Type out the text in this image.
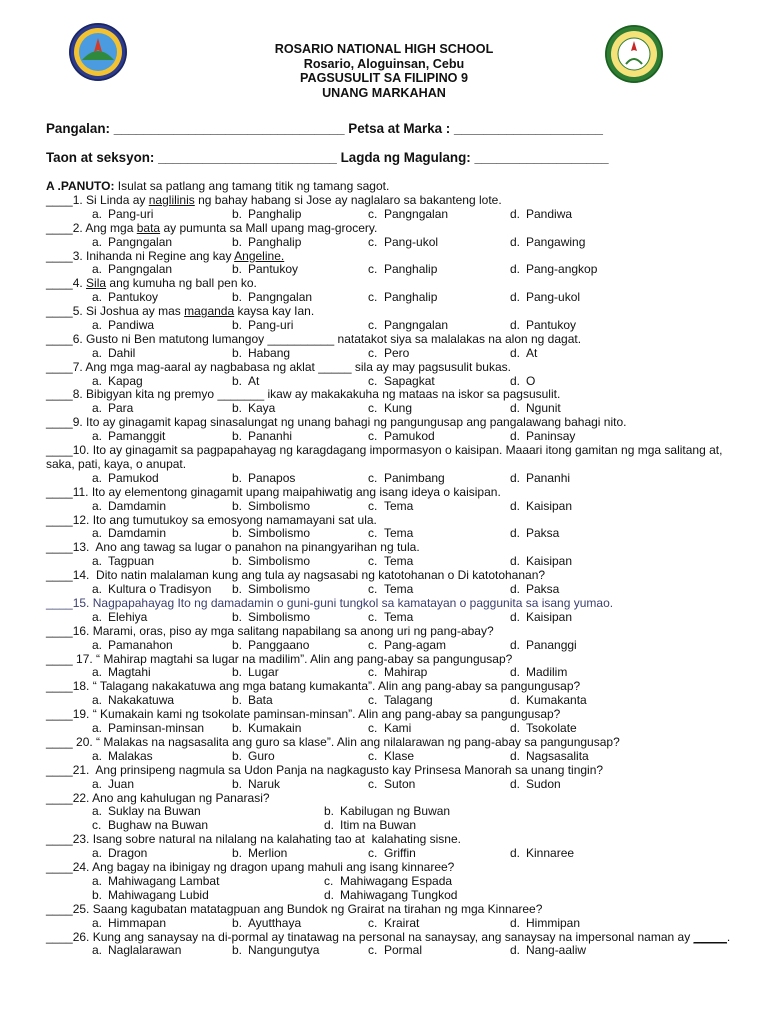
ROSARIO NATIONAL HIGH SCHOOL
Rosario, Aloguinsan, Cebu
PAGSUSULIT SA FILIPINO 9
UNANG MARKAHAN
Pangalan: _______________________________ Petsa at Marka : ____________________
Taon at seksyon: ________________________ Lagda ng Magulang: __________________
A .PANUTO: Isulat sa patlang ang tamang titik ng tamang sagot.
____1. Si Linda ay naglilinis ng bahay habang si Jose ay naglalaro sa bakanteng lote.
a. Pang-uri	b. Panghalip	c. Pangngalan	d. Pandiwa
____2. Ang mga bata ay pumunta sa Mall upang mag-grocery.
a. Pangngalan	b. Panghalip	c. Pang-ukol	d. Pangawing
____3. Inihanda ni Regine ang kay Angeline.
a. Pangngalan	b. Pantukoy	c. Panghalip	d. Pang-angkop
____4. Sila ang kumuha ng ball pen ko.
a. Pantukoy	b. Pangngalan	c. Panghalip	d. Pang-ukol
____5. Si Joshua ay mas maganda kaysa kay Ian.
a. Pandiwa	b. Pang-uri	c. Pangngalan	d. Pantukoy
____6. Gusto ni Ben matutong lumangoy __________ natatakot siya sa malalakas na alon ng dagat.
a. Dahil	b. Habang	c. Pero	d. At
____7. Ang mga mag-aaral ay nagbabasa ng aklat _____ sila ay may pagsusulit bukas.
a. Kapag	b. At	c. Sapagkat	d. O
____8. Bibigyan kita ng premyo _______ ikaw ay makakakuha ng mataas na iskor sa pagsusulit.
a. Para	b. Kaya	c. Kung	d. Ngunit
____9. Ito ay ginagamit kapag sinasalungat ng unang bahagi ng pangungusap ang pangalawang bahagi nito.
a. Pamanggit	b. Pananhi	c. Pamukod	d. Paninsay
____10. Ito ay ginagamit sa pagpapahayag ng karagdagang impormasyon o kaisipan. Maaari itong gamitan ng mga salitang at, saka, pati, kaya, o anupat.
a. Pamukod	b. Panapos	c. Panimbang	d. Pananhi
____11. Ito ay elementong ginagamit upang maipahiwatig ang isang ideya o kaisipan.
a. Damdamin	b. Simbolismo	c. Tema	d. Kaisipan
____12. Ito ang tumutukoy sa emosyong namamayani sat ula.
a. Damdamin	b. Simbolismo	c. Tema	d. Paksa
____13.  Ano ang tawag sa lugar o panahon na pinangyarihan ng tula.
a. Tagpuan	b. Simbolismo	c. Tema	d. Kaisipan
____14.  Dito natin malalaman kung ang tula ay nagsasabi ng katotohanan o Di katotohanan?
a. Kultura o Tradisyon b. Simbolismo	c. Tema	d. Paksa
____15. Nagpapahayag Ito ng damadamin o guni-guni tungkol sa kamatayan o paggunita sa isang yumao.
a. Elehiya	b. Simbolismo	c. Tema	d. Kaisipan
____16. Marami, oras, piso ay mga salitang napabilang sa anong uri ng pang-abay?
a. Pamanahon	b. Panggaano	c. Pang-agam	d. Pananggi
____ 17. “ Mahirap magtahi sa lugar na madilim”. Alin ang pang-abay sa pangungusap?
a. Magtahi	b. Lugar	c. Mahirap	d. Madilim
____18. “ Talagang nakakatuwa ang mga batang kumakanta”. Alin ang pang-abay sa pangungusap?
a. Nakakatuwa	b. Bata	c. Talagang	d. Kumakanta
____19. “ Kumakain kami ng tsokolate paminsan-minsan”. Alin ang pang-abay sa pangungusap?
a. Paminsan-minsan b. Kumakain	c. Kami	d. Tsokolate
____ 20. “ Malakas na nagsasalita ang guro sa klase”. Alin ang nilalarawan ng pang-abay sa pangungusap?
a. Malakas	b. Guro	c. Klase	d. Nagsasalita
____21.  Ang prinsipeng nagmula sa Udon Panja na nagkagusto kay Prinsesa Manorah sa unang tingin?
a. Juan	b. Naruk	c. Suton	d. Sudon
____22. Ano ang kahulugan ng Panarasi?
a. Suklay na Buwan	b. Kabilugan ng Buwan
c. Bughaw na Buwan	d. Itim na Buwan
____23. Isang sobre natural na nilalang na kalahating tao at  kalahating sisne.
a. Dragon	b. Merlion	c. Griffin	d. Kinnaree
____24. Ang bagay na ibinigay ng dragon upang mahuli ang isang kinnaree?
a. Mahiwagang Lambat	c. Mahiwagang Espada
b. Mahiwagang Lubid	d. Mahiwagang Tungkod
____25. Saang kagubatan matatagpuan ang Bundok ng Grairat na tirahan ng mga Kinnaree?
a. Himmapan	b. Ayutthaya	c. Krairat	d. Himmipan
____26. Kung ang sanaysay na di-pormal ay tinatawag na personal na sanaysay, ang sanaysay na impersonal naman ay _____.
a. Naglalarawan	b. Nangungutya	c. Pormal	d. Nang-aaliw
